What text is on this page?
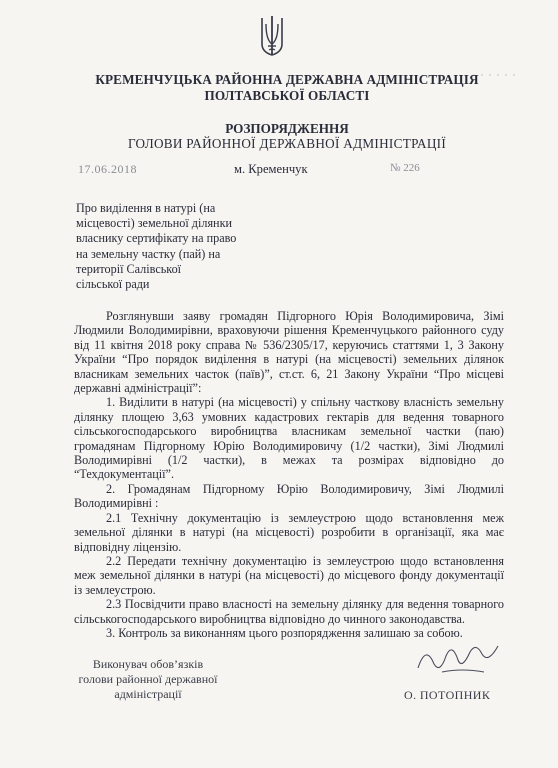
КРЕМЕНЧУЦЬКА РАЙОННА ДЕРЖАВНА АДМІНІСТРАЦІЯ
ПОЛТАВСЬКОЇ ОБЛАСТІ
РОЗПОРЯДЖЕННЯ
ГОЛОВИ РАЙОННОЇ ДЕРЖАВНОЇ АДМІНІСТРАЦІЇ
17.06.2018	м. Кременчук	№ 226
Про виділення в натурі (на
місцевості) земельної ділянки
власнику сертифікату на право
на земельну частку (пай) на
території Салівської
сільської ради

Розглянувши заяву громадян Підгорного Юрія Володимировича, Зімі Людмили Володимирівни, враховуючи рішення Кременчуцького районного суду від 11 квітня 2018 року справа № 536/2305/17, керуючись статтями 1, 3 Закону України “Про порядок виділення в натурі (на місцевості) земельних ділянок власникам земельних часток (паїв)”, ст.ст. 6, 21 Закону України “Про місцеві державні адміністрації”:

1. Виділити в натурі (на місцевості) у спільну часткову власність земельну ділянку площею 3,63 умовних кадастрових гектарів для ведення товарного сільськогосподарського виробництва власникам земельної частки (паю) громадянам Підгорному Юрію Володимировичу (1/2 частки), Зімі Людмилі Володимирівні (1/2 частки), в межах та розмірах відповідно до “Техдокументації”.

2. Громадянам Підгорному Юрію Володимировичу, Зімі Людмилі Володимирівні :

2.1 Технічну документацію із землеустрою щодо встановлення меж земельної ділянки в натурі (на місцевості) розробити в організації, яка має відповідну ліцензію.

2.2 Передати технічну документацію із землеустрою щодо встановлення меж земельної ділянки в натурі (на місцевості) до місцевого фонду документації із землеустрою.

2.3 Посвідчити право власності на земельну ділянку для ведення товарного сільськогосподарського виробництва відповідно до чинного законодавства.

3. Контроль за виконанням цього розпорядження залишаю за собою.

Виконувач обов’язків
голови районної державної
адміністрації	О. ПОТОПНИК
